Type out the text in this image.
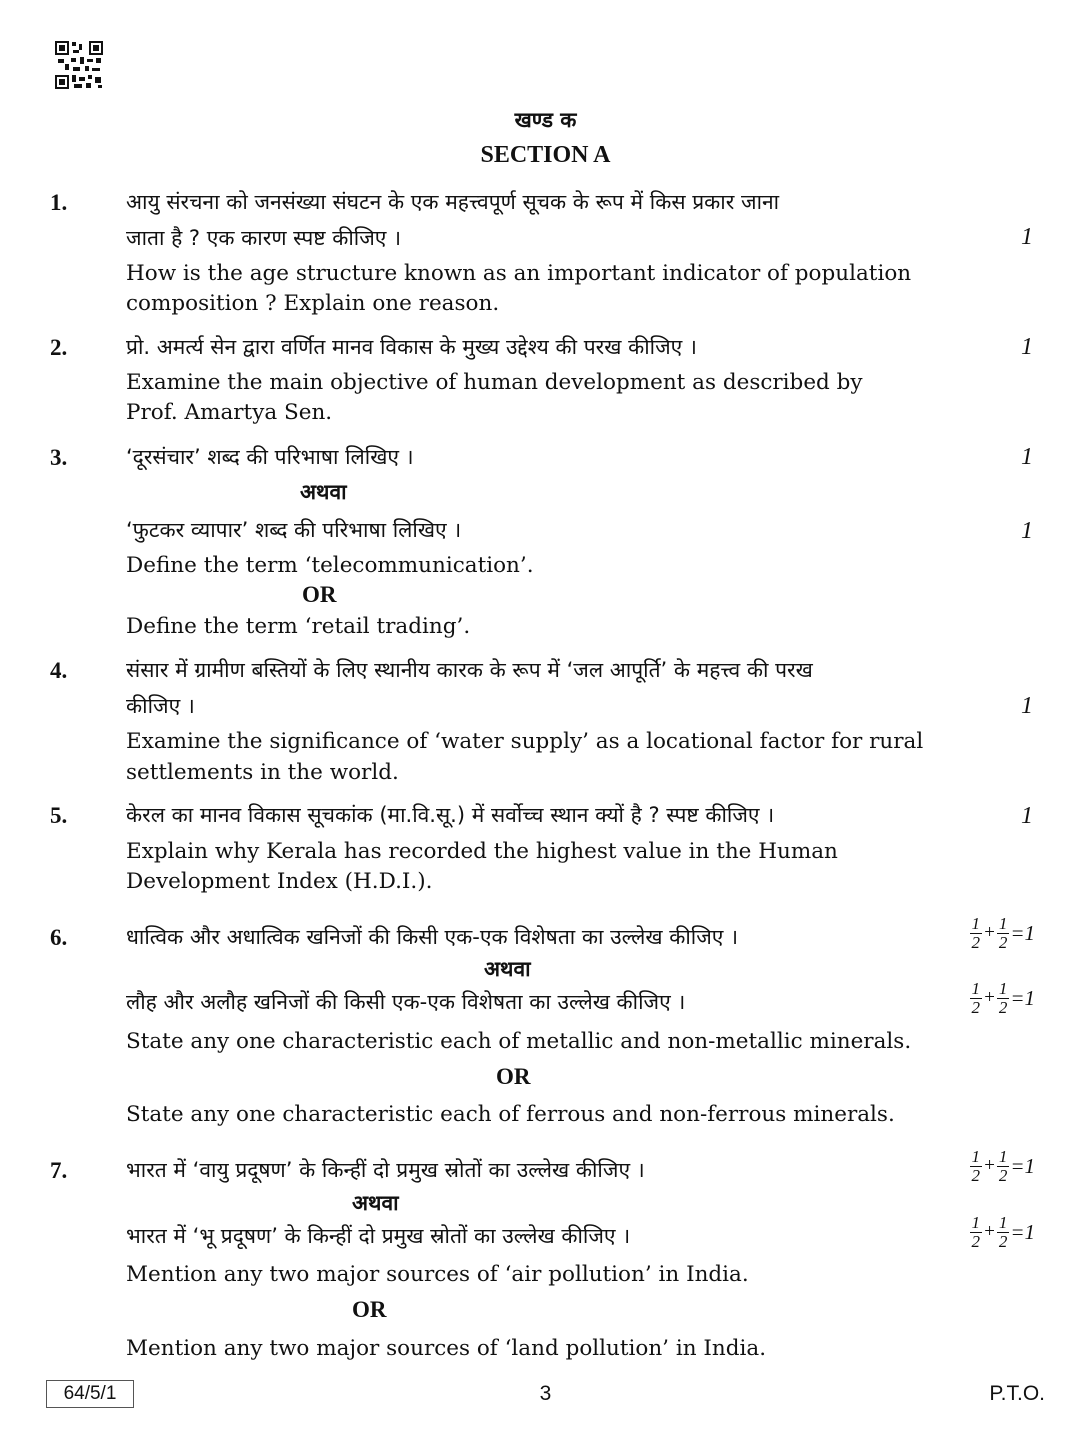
खण्ड क
SECTION A
1.	आयु संरचना को जनसंख्या संघटन के एक महत्त्वपूर्ण सूचक के रूप में किस प्रकार जाना
जाता है ? एक कारण स्पष्ट कीजिए ।	1
How is the age structure known as an important indicator of population
composition ? Explain one reason.
2.	प्रो. अमर्त्य सेन द्वारा वर्णित मानव विकास के मुख्य उद्देश्य की परख कीजिए ।	1
Examine the main objective of human development as described by
Prof. Amartya Sen.
3.	‘दूरसंचार’ शब्द की परिभाषा लिखिए ।	1
अथवा
‘फुटकर व्यापार’ शब्द की परिभाषा लिखिए ।	1
Define the term ‘telecommunication’.
OR
Define the term ‘retail trading’.
4.	संसार में ग्रामीण बस्तियों के लिए स्थानीय कारक के रूप में ‘जल आपूर्ति’ के महत्त्व की परख
कीजिए ।	1
Examine the significance of ‘water supply’ as a locational factor for rural
settlements in the world.
5.	केरल का मानव विकास सूचकांक (मा.वि.सू.) में सर्वोच्च स्थान क्यों है ? स्पष्ट कीजिए ।	1
Explain why Kerala has recorded the highest value in the Human
Development Index (H.D.I.).
6.	धात्विक और अधात्विक खनिजों की किसी एक-एक विशेषता का उल्लेख कीजिए ।	$\frac{1}{2} + \frac{1}{2} =1$
अथवा
लौह और अलौह खनिजों की किसी एक-एक विशेषता का उल्लेख कीजिए ।	$\frac{1}{2} + \frac{1}{2} =1$
State any one characteristic each of metallic and non-metallic minerals.
OR
State any one characteristic each of ferrous and non-ferrous minerals.
7.	भारत में ‘वायु प्रदूषण’ के किन्हीं दो प्रमुख स्रोतों का उल्लेख कीजिए ।	$\frac{1}{2} + \frac{1}{2} =1$
अथवा
भारत में ‘भू प्रदूषण’ के किन्हीं दो प्रमुख स्रोतों का उल्लेख कीजिए ।	$\frac{1}{2} + \frac{1}{2} =1$
Mention any two major sources of ‘air pollution’ in India.
OR
Mention any two major sources of ‘land pollution’ in India.
64/5/1	3	P.T.O.
